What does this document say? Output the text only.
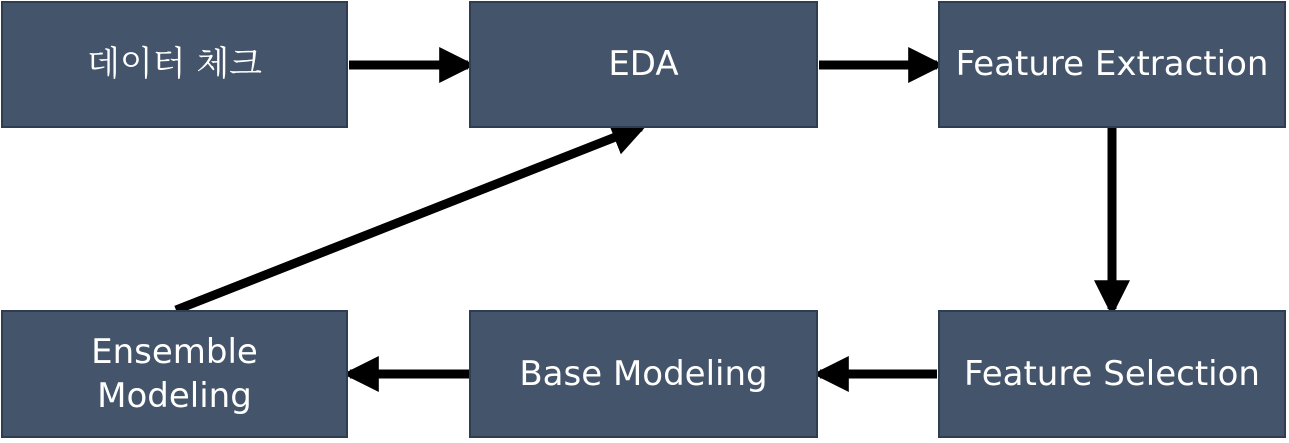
데이터 체크	EDA	Feature Extraction
Ensemble
Modeling
Base Modeling	Feature Selection
